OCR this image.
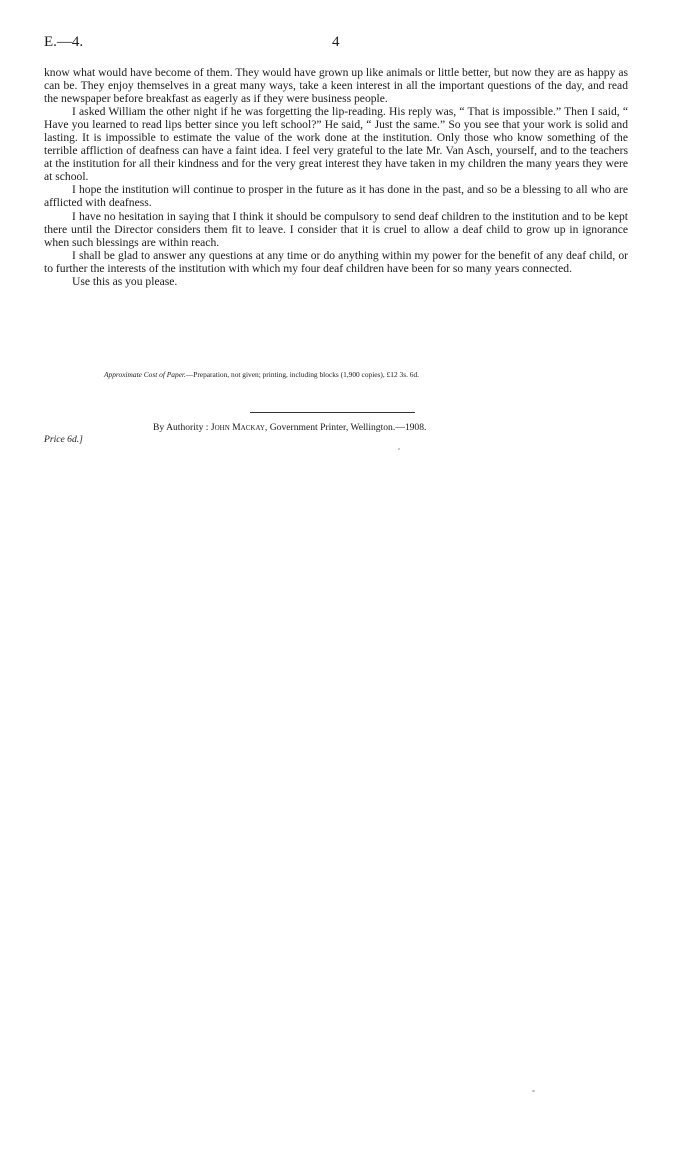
E.—4.	4

know what would have become of them. They would have grown up like animals or little better, but now they are as happy as can be. They enjoy themselves in a great many ways, take a keen interest in all the important questions of the day, and read the newspaper before breakfast as eagerly as if they were business people.

I asked William the other night if he was forgetting the lip-reading. His reply was, “ That is impossible.” Then I said, “ Have you learned to read lips better since you left school?” He said, “ Just the same.” So you see that your work is solid and lasting. It is impossible to estimate the value of the work done at the institution. Only those who know something of the terrible affliction of deafness can have a faint idea. I feel very grateful to the late Mr. Van Asch, yourself, and to the teachers at the institution for all their kindness and for the very great interest they have taken in my children the many years they were at school.

I hope the institution will continue to prosper in the future as it has done in the past, and so be a blessing to all who are afflicted with deafness.

I have no hesitation in saying that I think it should be compulsory to send deaf children to the institution and to be kept there until the Director considers them fit to leave. I consider that it is cruel to allow a deaf child to grow up in ignorance when such blessings are within reach.

I shall be glad to answer any questions at any time or do anything within my power for the benefit of any deaf child, or to further the interests of the institution with which my four deaf children have been for so many years connected.

Use this as you please.

Approximate Cost of Paper.—Preparation, not given; printing, including blocks (1,900 copies), £12 3s. 6d.
By Authority : John Mackay, Government Printer, Wellington.—1908.
Price 6d.]
